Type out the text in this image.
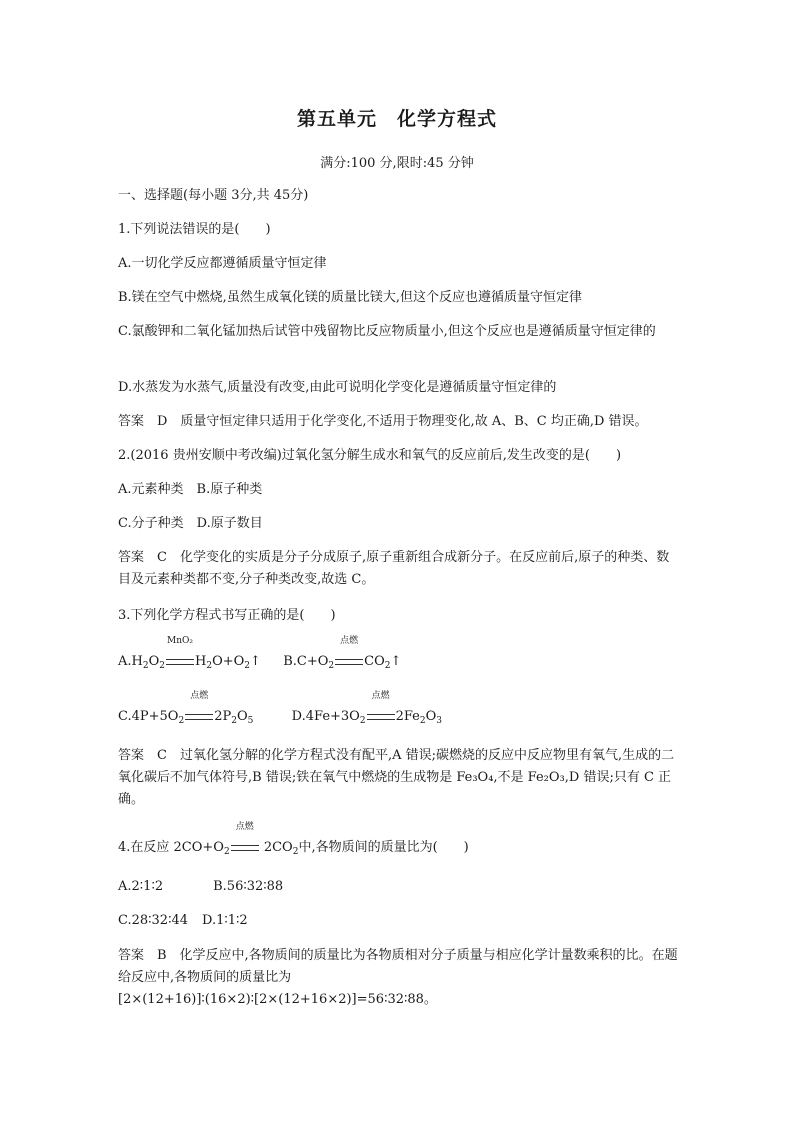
第五单元　化学方程式
满分:100 分,限时:45 分钟
一、选择题(每小题 3分,共 45分)
1.下列说法错误的是(　　)
A.一切化学反应都遵循质量守恒定律
B.镁在空气中燃烧,虽然生成氧化镁的质量比镁大,但这个反应也遵循质量守恒定律
C.氯酸钾和二氧化锰加热后试管中残留物比反应物质量小,但这个反应也是遵循质量守恒定律的
D.水蒸发为水蒸气,质量没有改变,由此可说明化学变化是遵循质量守恒定律的
答案　D　质量守恒定律只适用于化学变化,不适用于物理变化,故 A、B、C 均正确,D 错误。
2.(2016 贵州安顺中考改编)过氧化氢分解生成水和氧气的反应前后,发生改变的是(　　)
A.元素种类　B.原子种类
C.分子种类　D.原子数目
答案　C　化学变化的实质是分子分成原子,原子重新组合成新分子。在反应前后,原子的种类、数目及元素种类都不变,分子种类改变,故选 C。
3.下列化学方程式书写正确的是(　　)
$A.H_2O_2$
MnO₂
$H_2O+O_2↑$ $B.C+O_2$
点燃
$CO_2↑$
$C.4P+5O_2$
点燃
$2P_2O_5$	$D.4Fe+3O_2$
点燃
$2Fe_2O_3$
答案　C　过氧化氢分解的化学方程式没有配平,A 错误;碳燃烧的反应中反应物里有氧气,生成的二氧化碳后不加气体符号,B 错误;铁在氧气中燃烧的生成物是 Fe₃O₄,不是 Fe₂O₃,D 错误;只有 C 正确。
4.在反应 $2CO+O_2$
点燃
$2CO_2$中,各物质间的质量比为(　　)
A.2∶1∶2	B.56∶32∶88
C.28∶32∶44 D.1∶1∶2
答案　B　化学反应中,各物质间的质量比为各物质相对分子质量与相应化学计量数乘积的比。在题给反应中,各物质间的质量比为
[2×(12+16)]∶(16×2)∶[2×(12+16×2)]=56∶32∶88。
